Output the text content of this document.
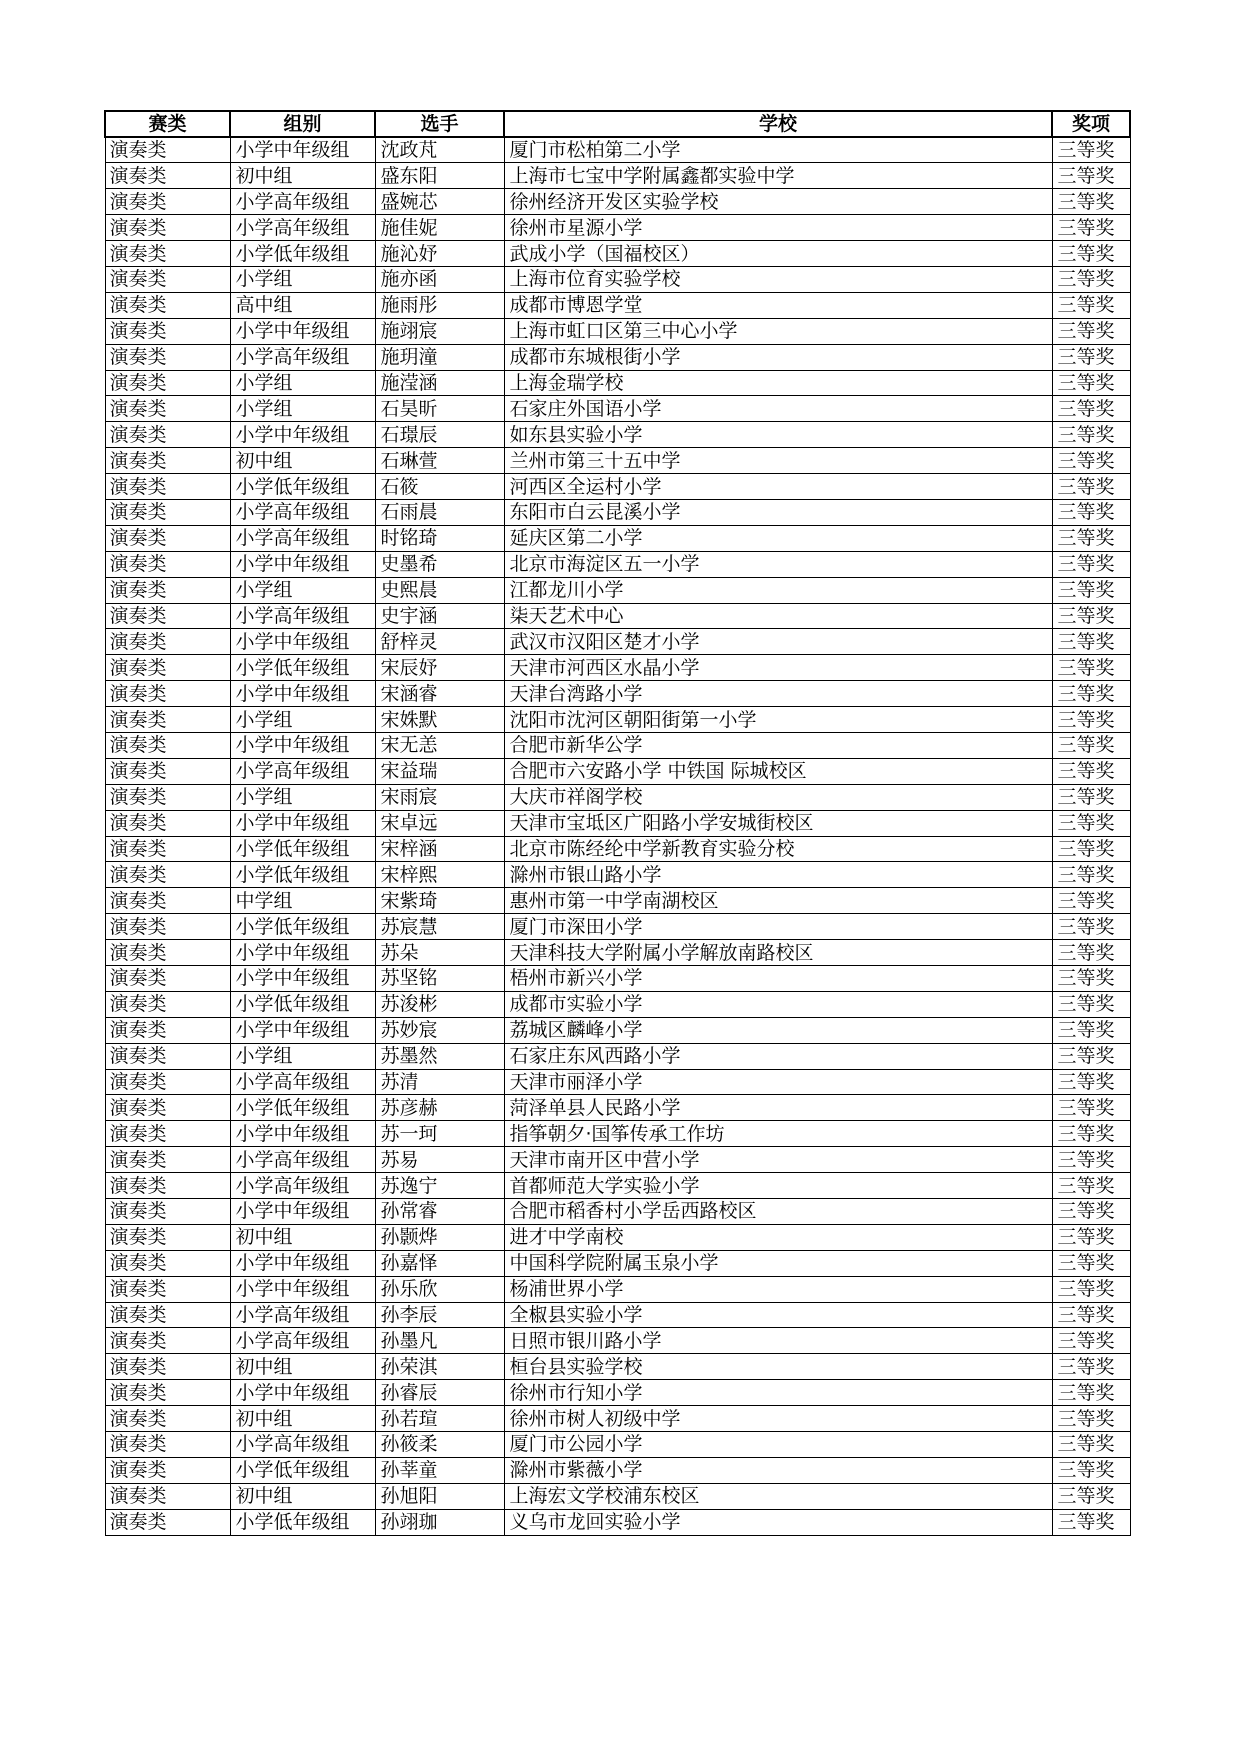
赛类	组别	选手	学校	奖项
演奏类	小学中年级组	沈政芃	厦门市松柏第二小学	三等奖
演奏类	初中组	盛东阳	上海市七宝中学附属鑫都实验中学	三等奖
演奏类	小学高年级组	盛婉芯	徐州经济开发区实验学校	三等奖
演奏类	小学高年级组	施佳妮	徐州市星源小学	三等奖
演奏类	小学低年级组	施沁妤	武成小学（国福校区）	三等奖
演奏类	小学组	施亦函	上海市位育实验学校	三等奖
演奏类	高中组	施雨彤	成都市博恩学堂	三等奖
演奏类	小学中年级组	施翊宸	上海市虹口区第三中心小学	三等奖
演奏类	小学高年级组	施玥潼	成都市东城根街小学	三等奖
演奏类	小学组	施滢涵	上海金瑞学校	三等奖
演奏类	小学组	石昊昕	石家庄外国语小学	三等奖
演奏类	小学中年级组	石璟辰	如东县实验小学	三等奖
演奏类	初中组	石琳萱	兰州市第三十五中学	三等奖
演奏类	小学低年级组	石筱	河西区全运村小学	三等奖
演奏类	小学高年级组	石雨晨	东阳市白云昆溪小学	三等奖
演奏类	小学高年级组	时铭琦	延庆区第二小学	三等奖
演奏类	小学中年级组	史墨希	北京市海淀区五一小学	三等奖
演奏类	小学组	史熙晨	江都龙川小学	三等奖
演奏类	小学高年级组	史宇涵	柒天艺术中心	三等奖
演奏类	小学中年级组	舒梓灵	武汉市汉阳区楚才小学	三等奖
演奏类	小学低年级组	宋辰妤	天津市河西区水晶小学	三等奖
演奏类	小学中年级组	宋涵睿	天津台湾路小学	三等奖
演奏类	小学组	宋姝默	沈阳市沈河区朝阳街第一小学	三等奖
演奏类	小学中年级组	宋无恙	合肥市新华公学	三等奖
演奏类	小学高年级组	宋益瑞	合肥市六安路小学 中铁国 际城校区	三等奖
演奏类	小学组	宋雨宸	大庆市祥阁学校	三等奖
演奏类	小学中年级组	宋卓远	天津市宝坻区广阳路小学安城街校区	三等奖
演奏类	小学低年级组	宋梓涵	北京市陈经纶中学新教育实验分校	三等奖
演奏类	小学低年级组	宋梓熙	滁州市银山路小学	三等奖
演奏类	中学组	宋紫琦	惠州市第一中学南湖校区	三等奖
演奏类	小学低年级组	苏宸慧	厦门市深田小学	三等奖
演奏类	小学中年级组	苏朵	天津科技大学附属小学解放南路校区	三等奖
演奏类	小学中年级组	苏坚铭	梧州市新兴小学	三等奖
演奏类	小学低年级组	苏浚彬	成都市实验小学	三等奖
演奏类	小学中年级组	苏妙宸	荔城区麟峰小学	三等奖
演奏类	小学组	苏墨然	石家庄东风西路小学	三等奖
演奏类	小学高年级组	苏清	天津市丽泽小学	三等奖
演奏类	小学低年级组	苏彦赫	菏泽单县人民路小学	三等奖
演奏类	小学中年级组	苏一珂	指筝朝夕·国筝传承工作坊	三等奖
演奏类	小学高年级组	苏易	天津市南开区中营小学	三等奖
演奏类	小学高年级组	苏逸宁	首都师范大学实验小学	三等奖
演奏类	小学中年级组	孙常睿	合肥市稻香村小学岳西路校区	三等奖
演奏类	初中组	孙颢烨	进才中学南校	三等奖
演奏类	小学中年级组	孙嘉怿	中国科学院附属玉泉小学	三等奖
演奏类	小学中年级组	孙乐欣	杨浦世界小学	三等奖
演奏类	小学高年级组	孙李辰	全椒县实验小学	三等奖
演奏类	小学高年级组	孙墨凡	日照市银川路小学	三等奖
演奏类	初中组	孙荣淇	桓台县实验学校	三等奖
演奏类	小学中年级组	孙睿辰	徐州市行知小学	三等奖
演奏类	初中组	孙若瑄	徐州市树人初级中学	三等奖
演奏类	小学高年级组	孙筱柔	厦门市公园小学	三等奖
演奏类	小学低年级组	孙莘童	滁州市紫薇小学	三等奖
演奏类	初中组	孙旭阳	上海宏文学校浦东校区	三等奖
演奏类	小学低年级组	孙翊珈	义乌市龙回实验小学	三等奖
